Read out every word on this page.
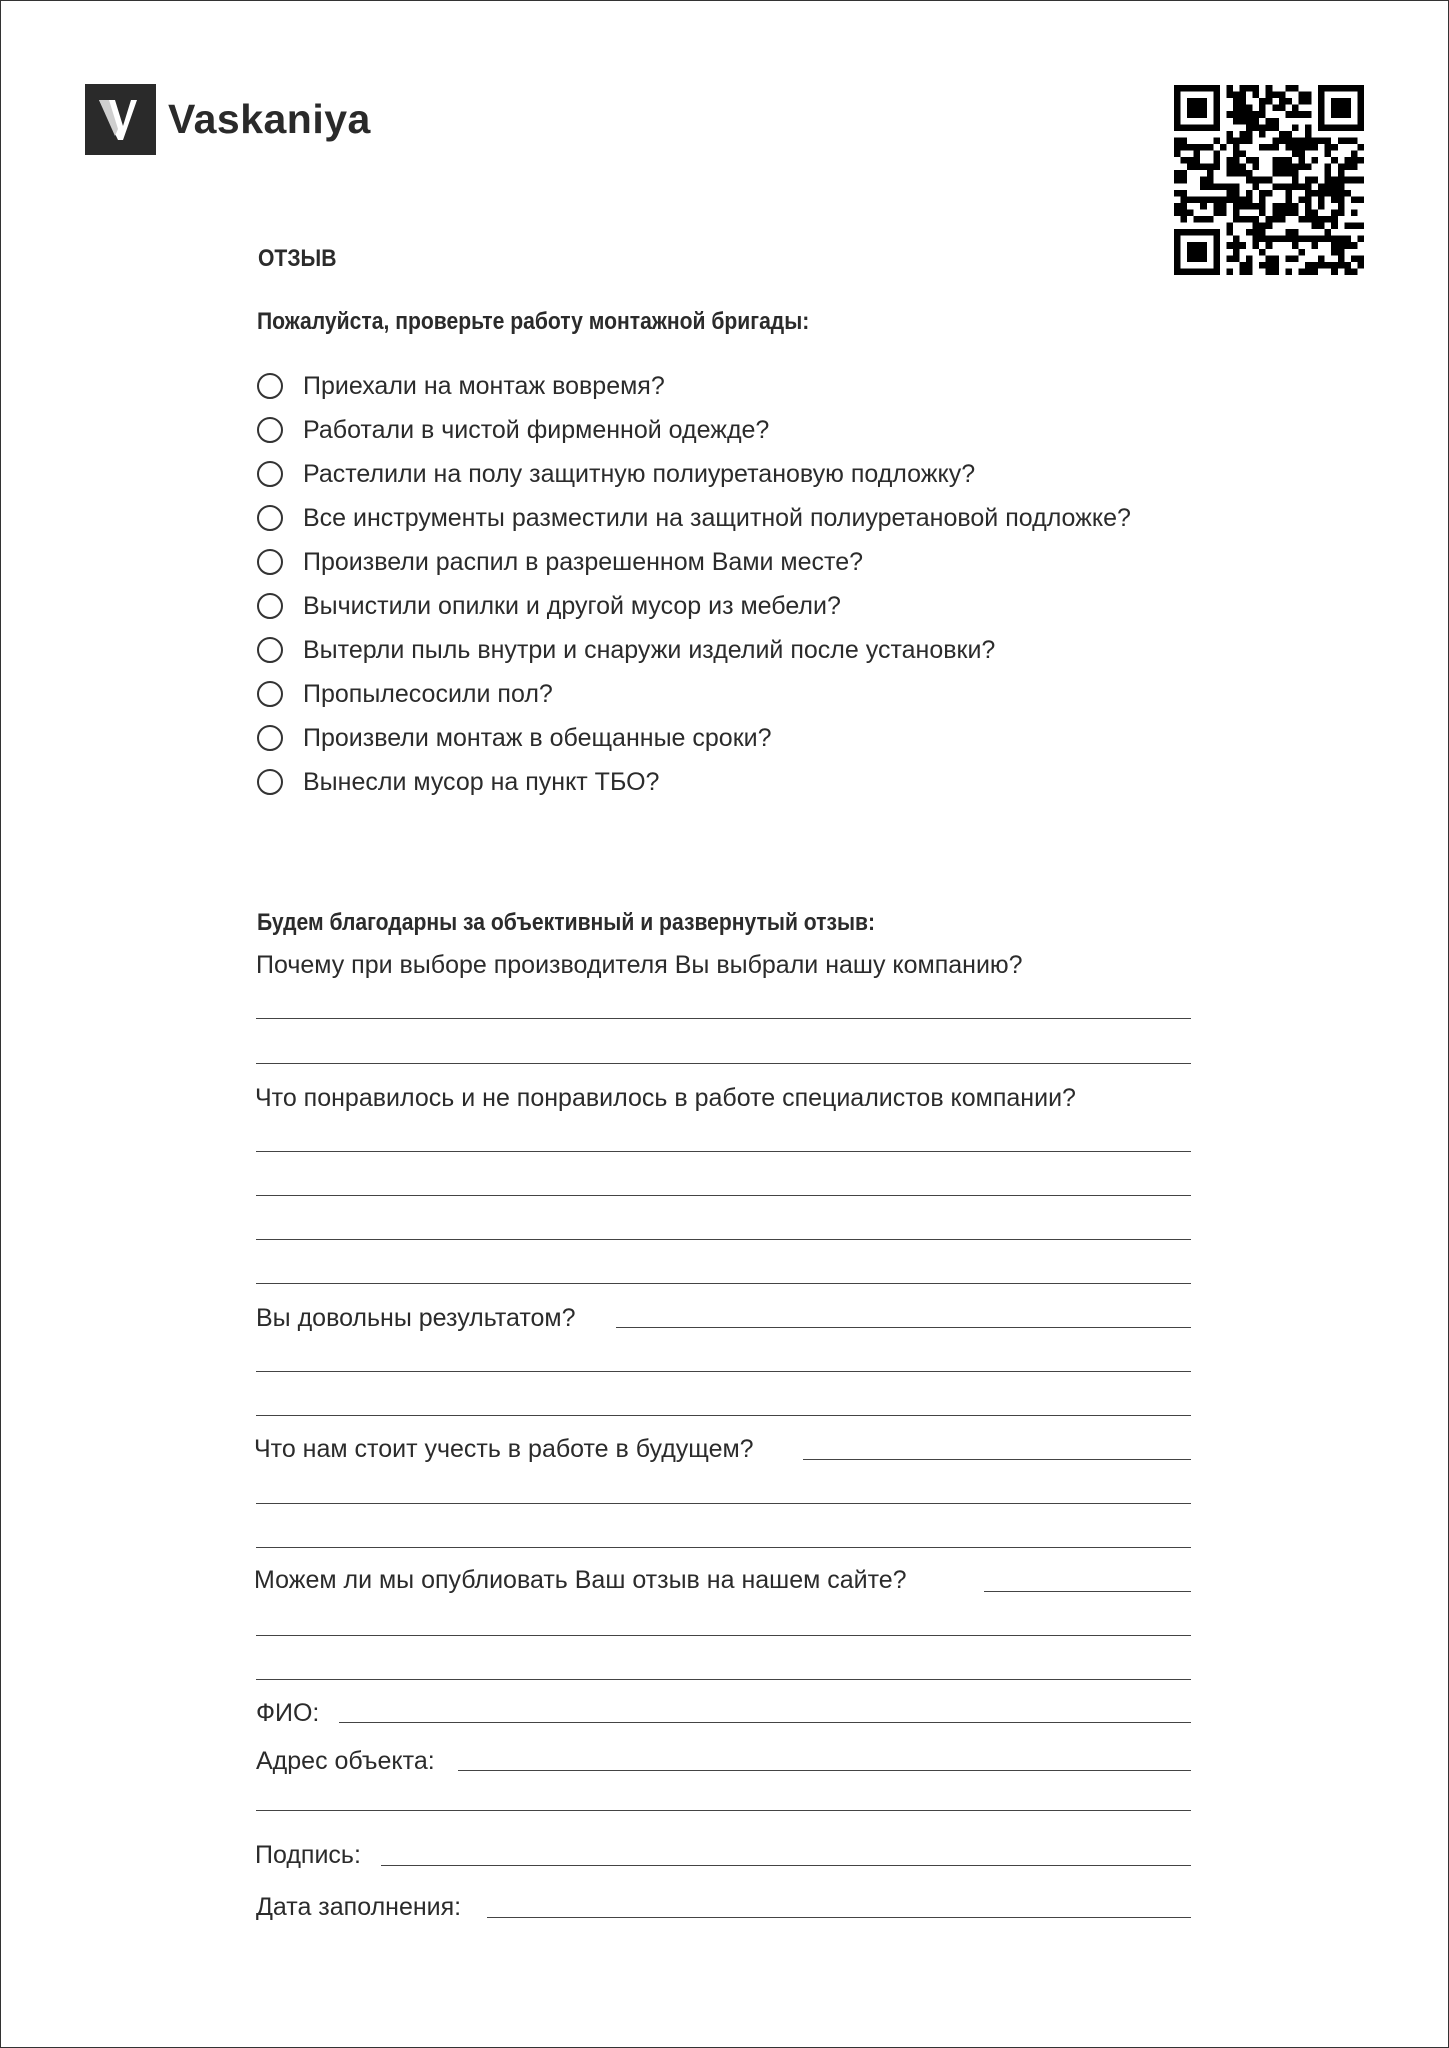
Vaskaniya
ОТЗЫВ
Пожалуйста, проверьте работу монтажной бригады:
Приехали на монтаж вовремя?
Работали в чистой фирменной одежде?
Растелили на полу защитную полиуретановую подложку?
Все инструменты разместили на защитной полиуретановой подложке?
Произвели распил в разрешенном Вами месте?
Вычистили опилки и другой мусор из мебели?
Вытерли пыль внутри и снаружи изделий после установки?
Пропылесосили пол?
Произвели монтаж в обещанные сроки?
Вынесли мусор на пункт ТБО?
Будем благодарны за объективный и развернутый отзыв:
Почему при выборе производителя Вы выбрали нашу компанию?
Что понравилось и не понравилось в работе специалистов компании?
Вы довольны результатом?
Что нам стоит учесть в работе в будущем?
Можем ли мы опублиовать Ваш отзыв на нашем сайте?
ФИО:
Адрес объекта:
Подпись:
Дата заполнения:
